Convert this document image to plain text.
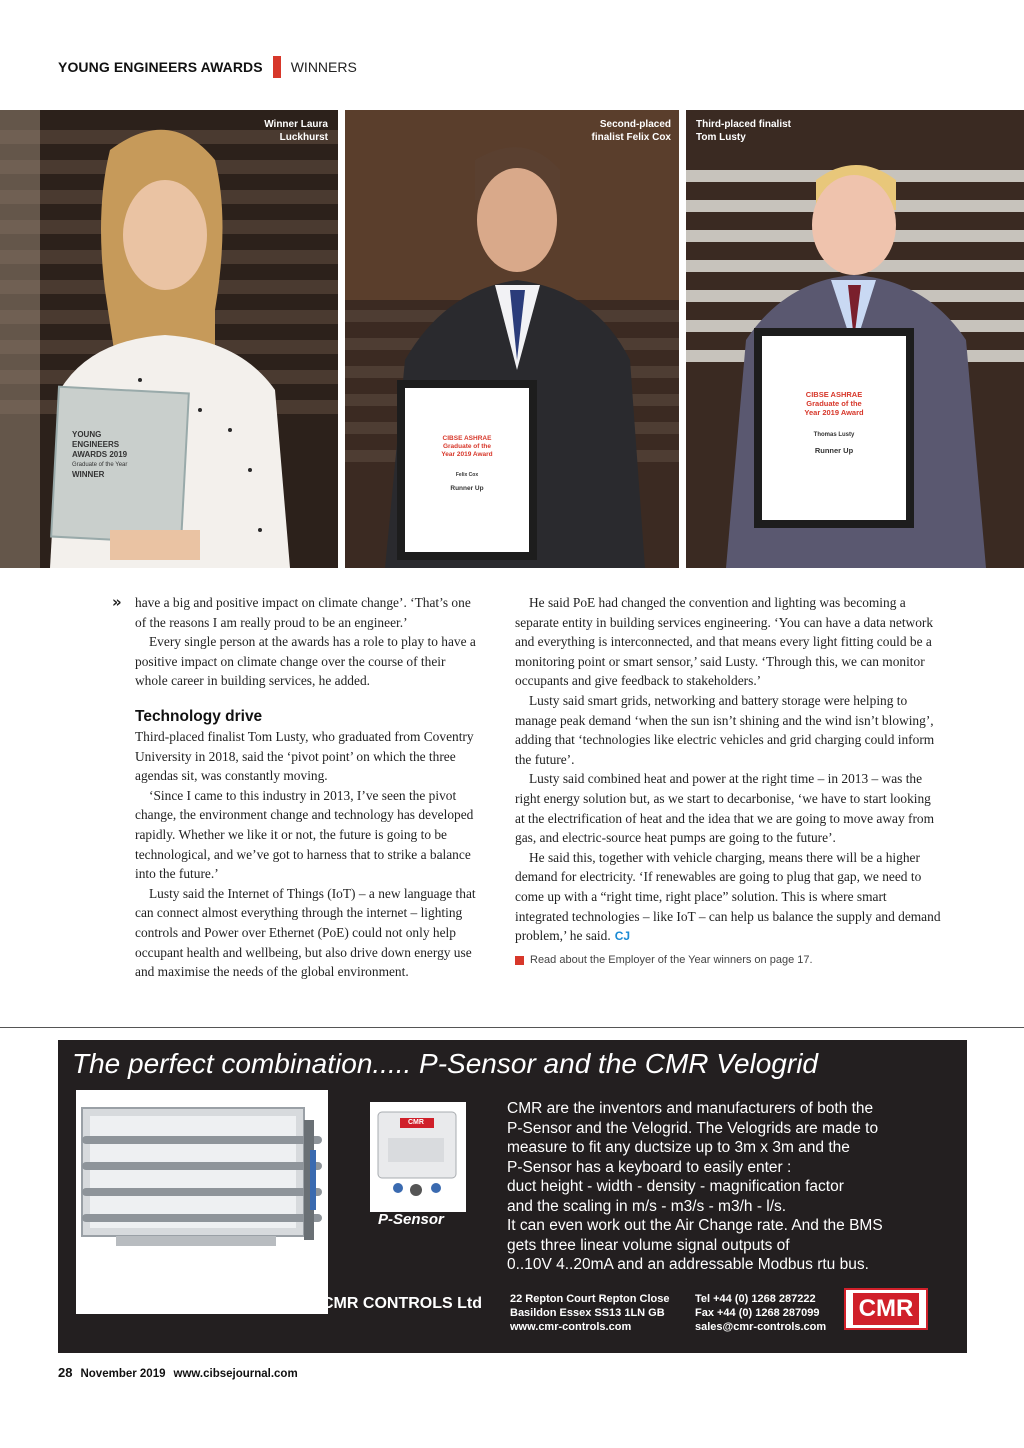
YOUNG ENGINEERS AWARDS WINNERS
Winner Laura
Luckhurst
Second-placed
finalist Felix Cox
Third-placed finalist
Tom Lusty
YOUNG
ENGINEERS
AWARDS 2019
Graduate of the Year
WINNER
CIBSE ASHRAE
Graduate of the
Year 2019 Award
Felix Cox
Runner Up
CIBSE ASHRAE
Graduate of the
Year 2019 Award
Thomas Lusty
Runner Up
» have a big and positive impact on climate change’. ‘That’s one of the reasons I am really proud to be an engineer.’

Every single person at the awards has a role to play to have a positive impact on climate change over the course of their whole career in building services, he added.

Technology drive

Third-placed finalist Tom Lusty, who graduated from Coventry University in 2018, said the ‘pivot point’ on which the three agendas sit, was constantly moving.

‘Since I came to this industry in 2013, I’ve seen the pivot change, the environment change and technology has developed rapidly. Whether we like it or not, the future is going to be technological, and we’ve got to harness that to strike a balance into the future.’

Lusty said the Internet of Things (IoT) – a new language that can connect almost everything through the internet – lighting controls and Power over Ethernet (PoE) could not only help occupant health and wellbeing, but also drive down energy use and maximise the needs of the global environment.

He said PoE had changed the convention and lighting was becoming a separate entity in building services engineering. ‘You can have a data network and everything is interconnected, and that means every light fitting could be a monitoring point or smart sensor,’ said Lusty. ‘Through this, we can monitor occupants and give feedback to stakeholders.’

Lusty said smart grids, networking and battery storage were helping to manage peak demand ‘when the sun isn’t shining and the wind isn’t blowing’, adding that ‘technologies like electric vehicles and grid charging could inform the future’.

Lusty said combined heat and power at the right time – in 2013 – was the right energy solution but, as we start to decarbonise, ‘we have to start looking at the electrification of heat and the idea that we are going to move away from gas, and electric-source heat pumps are going to the future’.

He said this, together with vehicle charging, means there will be a higher demand for electricity. ‘If renewables are going to plug that gap, we need to come up with a “right time, right place” solution. This is where smart integrated technologies – like IoT – can help us balance the supply and demand problem,’ he said. CJ

Read about the Employer of the Year winners on page 17.
The perfect combination..... P-Sensor and the CMR Velogrid
CMR
P-Sensor
VELOGRID
Velocity Averaging Sensor
CMR are the inventors and manufacturers of both the
P-Sensor and the Velogrid. The Velogrids are made to
measure to fit any ductsize up to 3m x 3m and the
P-Sensor has a keyboard to easily enter :
duct height - width - density - magnification factor
and the scaling in m/s - m3/s - m3/h - l/s.
It can even work out the Air Change rate. And the BMS
gets three linear volume signal outputs of
0..10V 4..20mA and an addressable Modbus rtu bus.
CMR CONTROLS Ltd	22 Repton Court Repton Close
Basildon Essex SS13 1LN GB
www.cmr-controls.com
Tel +44 (0) 1268 287222
Fax +44 (0) 1268 287099
sales@cmr-controls.com
CMR
28 November 2019 www.cibsejournal.com
